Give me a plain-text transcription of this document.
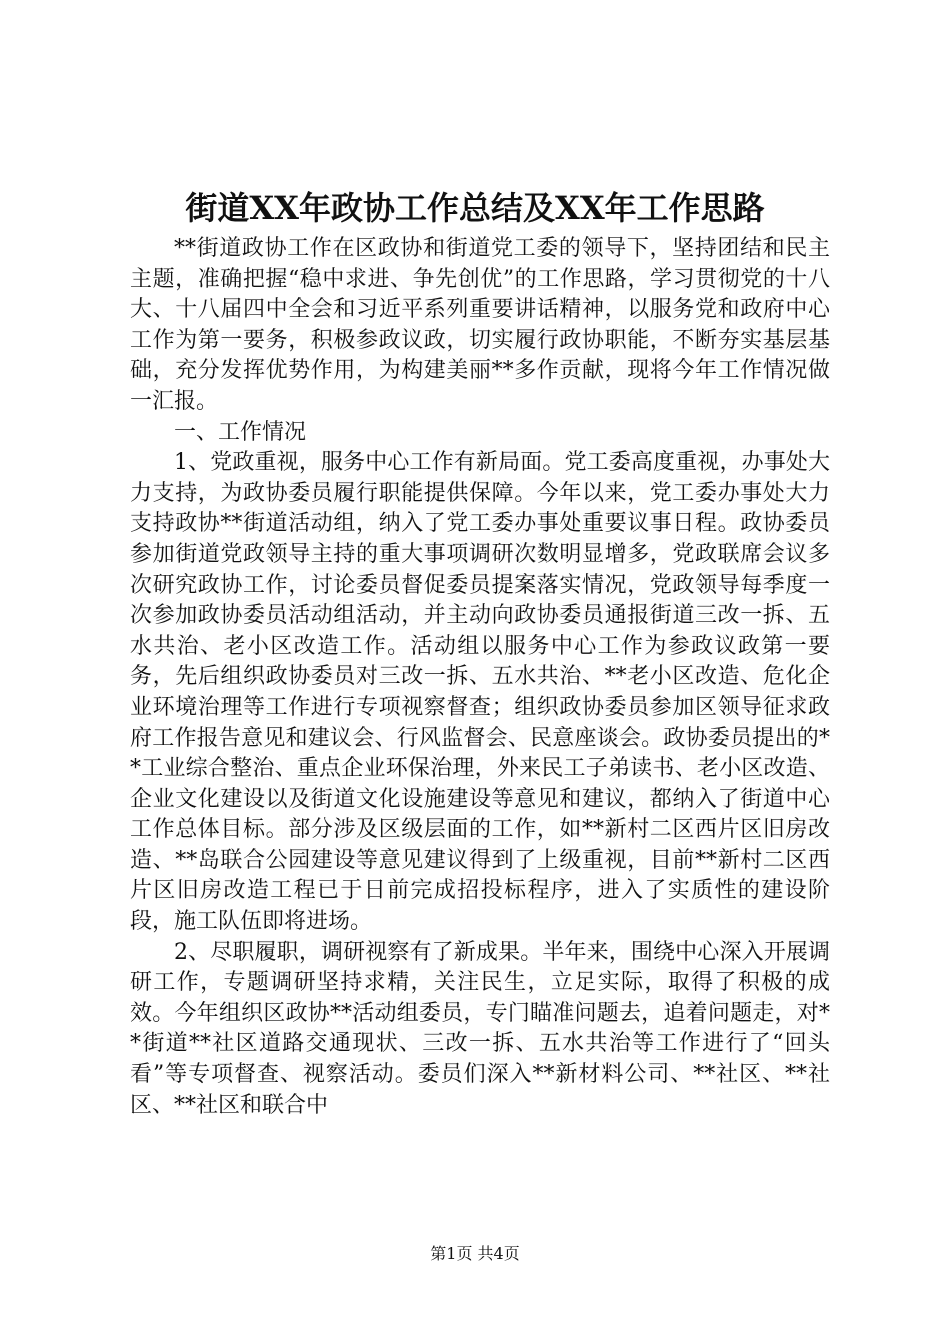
街道XX年政协工作总结及XX年工作思路

**街道政协工作在区政协和街道党工委的领导下，坚持团结和民主主题，准确把握“稳中求进、争先创优”的工作思路，学习贯彻党的十八大、十八届四中全会和习近平系列重要讲话精神，以服务党和政府中心工作为第一要务，积极参政议政，切实履行政协职能，不断夯实基层基础，充分发挥优势作用，为构建美丽**多作贡献，现将今年工作情况做一汇报。

一、工作情况

1、党政重视，服务中心工作有新局面。党工委高度重视，办事处大力支持，为政协委员履行职能提供保障。今年以来，党工委办事处大力支持政协**街道活动组，纳入了党工委办事处重要议事日程。政协委员参加街道党政领导主持的重大事项调研次数明显增多，党政联席会议多次研究政协工作，讨论委员督促委员提案落实情况，党政领导每季度一次参加政协委员活动组活动，并主动向政协委员通报街道三改一拆、五水共治、老小区改造工作。活动组以服务中心工作为参政议政第一要务，先后组织政协委员对三改一拆、五水共治、**老小区改造、危化企业环境治理等工作进行专项视察督查；组织政协委员参加区领导征求政府工作报告意见和建议会、行风监督会、民意座谈会。政协委员提出的**工业综合整治、重点企业环保治理，外来民工子弟读书、老小区改造、企业文化建设以及街道文化设施建设等意见和建议，都纳入了街道中心工作总体目标。部分涉及区级层面的工作，如**新村二区西片区旧房改造、**岛联合公园建设等意见建议得到了上级重视，目前**新村二区西片区旧房改造工程已于日前完成招投标程序，进入了实质性的建设阶段，施工队伍即将进场。

2、尽职履职，调研视察有了新成果。半年来，围绕中心深入开展调研工作，专题调研坚持求精，关注民生，立足实际，取得了积极的成效。今年组织区政协**活动组委员，专门瞄准问题去，追着问题走，对**街道**社区道路交通现状、三改一拆、五水共治等工作进行了“回头看”等专项督查、视察活动。委员们深入**新材料公司、**社区、**社区、**社区和联合中

第1页 共4页
